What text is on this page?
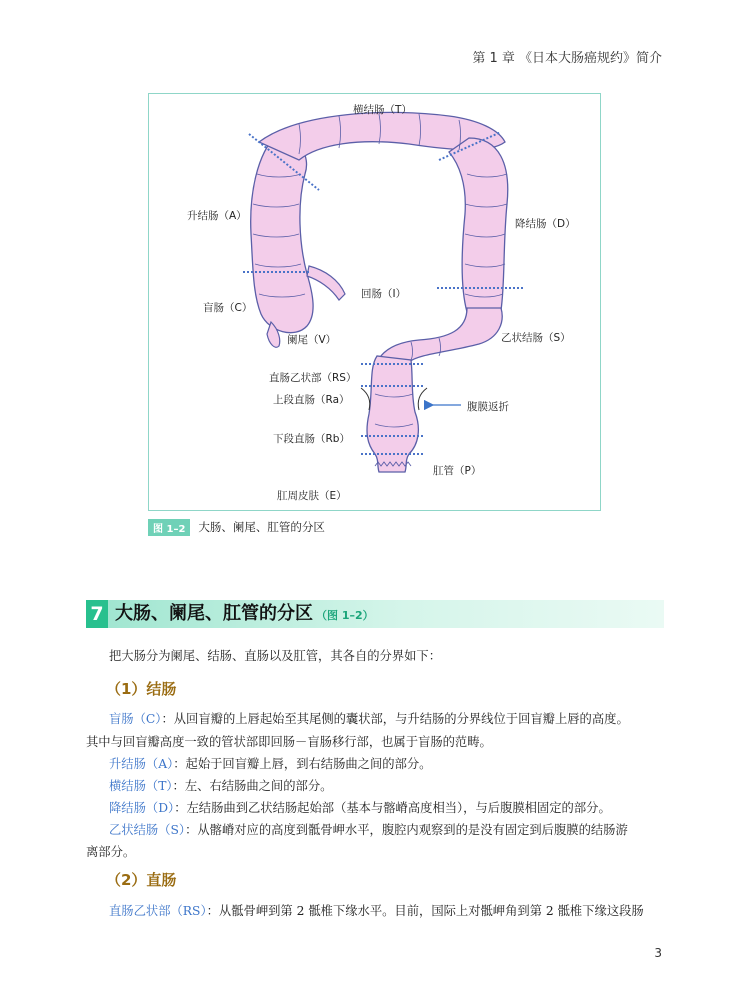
第 1 章 《日本大肠癌规约》简介
横结肠（T）
升结肠（A）
降结肠（D）
回肠（I）
盲肠（C）
阑尾（V）	乙状结肠（S）
直肠乙状部（RS）
上段直肠（Ra）
腹膜返折
下段直肠（Rb）
肛管（P）
肛周皮肤（E）
图 1–2	大肠、阑尾、肛管的分区
7 大肠、阑尾、肛管的分区 （图 1–2）
把大肠分为阑尾、结肠、直肠以及肛管，其各自的分界如下：
（1）结肠
盲肠（C）：从回盲瓣的上唇起始至其尾侧的囊状部，与升结肠的分界线位于回盲瓣上唇的高度。
其中与回盲瓣高度一致的管状部即回肠－盲肠移行部，也属于盲肠的范畴。
升结肠（A）：起始于回盲瓣上唇，到右结肠曲之间的部分。
横结肠（T）：左、右结肠曲之间的部分。
降结肠（D）：左结肠曲到乙状结肠起始部（基本与髂嵴高度相当），与后腹膜相固定的部分。
乙状结肠（S）：从髂嵴对应的高度到骶骨岬水平，腹腔内观察到的是没有固定到后腹膜的结肠游
离部分。
（2）直肠
直肠乙状部（RS）：从骶骨岬到第 2 骶椎下缘水平。目前，国际上对骶岬角到第 2 骶椎下缘这段肠
3
